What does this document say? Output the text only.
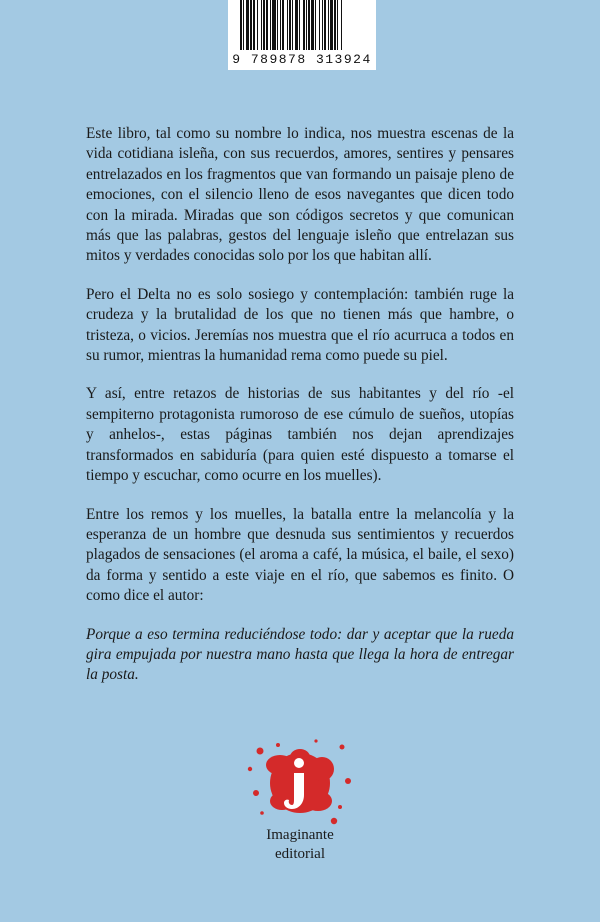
9 789878 313924

Este libro, tal como su nombre lo indica, nos muestra escenas de la vida cotidiana isleña, con sus recuerdos, amores, sentires y pensares entrelazados en los fragmentos que van formando un paisaje pleno de emociones, con el silencio lleno de esos navegantes que dicen todo con la mirada. Miradas que son códigos secretos y que comunican más que las palabras, gestos del lenguaje isleño que entrelazan sus mitos y verdades conocidas solo por los que habitan allí.

Pero el Delta no es solo sosiego y contemplación: también ruge la crudeza y la brutalidad de los que no tienen más que hambre, o tristeza, o vicios. Jeremías nos muestra que el río acurruca a todos en su rumor, mientras la humanidad rema como puede su piel.

Y así, entre retazos de historias de sus habitantes y del río -el sempiterno protagonista rumoroso de ese cúmulo de sueños, utopías y anhelos-, estas páginas también nos dejan aprendizajes transformados en sabiduría (para quien esté dispuesto a tomarse el tiempo y escuchar, como ocurre en los muelles).

Entre los remos y los muelles, la batalla entre la melancolía y la esperanza de un hombre que desnuda sus sentimientos y recuerdos plagados de sensaciones (el aroma a café, la música, el baile, el sexo) da forma y sentido a este viaje en el río, que sabemos es finito. O como dice el autor:

Porque a eso termina reduciéndose todo: dar y aceptar que la rueda gira empujada por nuestra mano hasta que llega la hora de entregar la posta.

Imaginante
editorial
